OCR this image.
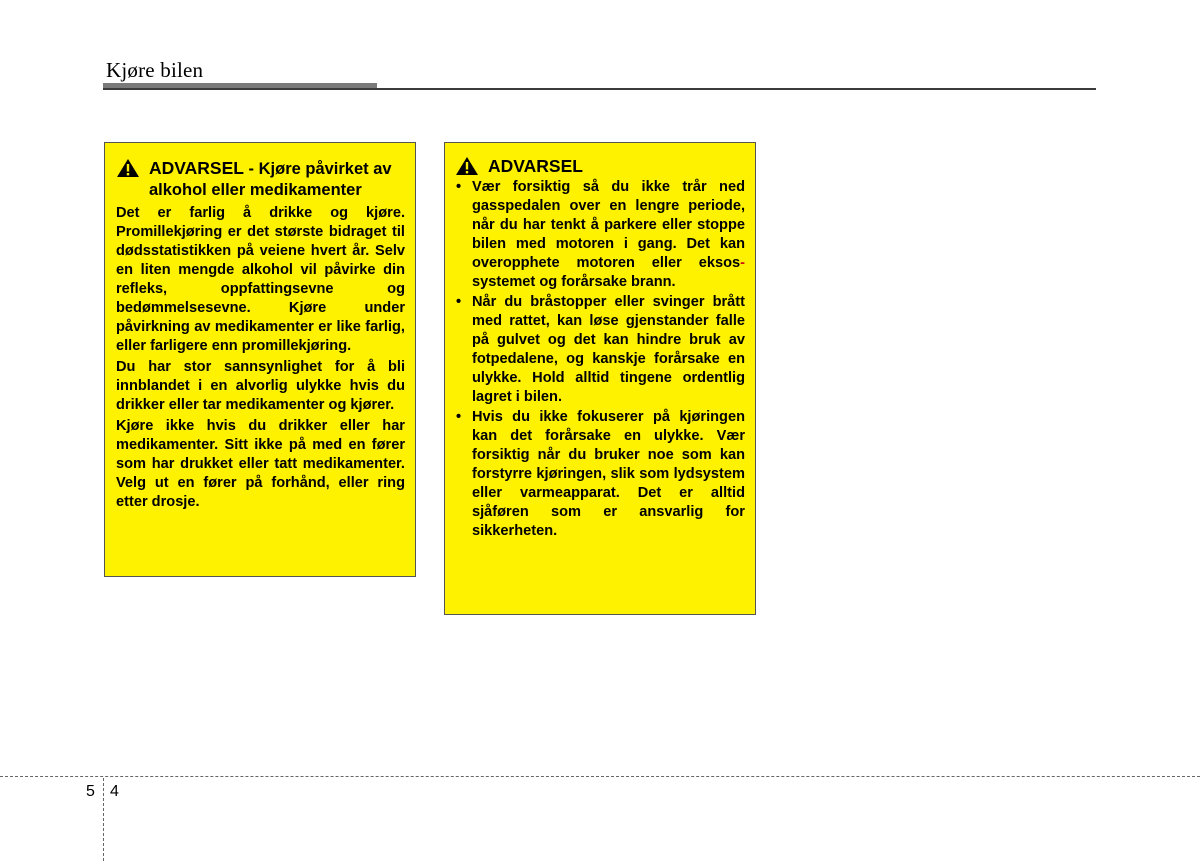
Kjøre bilen
ADVARSEL - Kjøre påvirket av alkohol eller medikamenter

Det er farlig å drikke og kjøre. Promillekjøring er det største bidraget til dødsstatistikken på veiene hvert år. Selv en liten mengde alkohol vil påvirke din refleks, oppfattingsevne og bedømmelsesevne. Kjøre under påvirkning av medikamenter er like farlig, eller farligere enn promillekjøring.

Du har stor sannsynlighet for å bli innblandet i en alvorlig ulykke hvis du drikker eller tar medikamenter og kjører.

Kjøre ikke hvis du drikker eller har medikamenter. Sitt ikke på med en fører som har drukket eller tatt medikamenter. Velg ut en fører på forhånd, eller ring etter drosje.

ADVARSEL
• Vær forsiktig så du ikke trår ned gasspedalen over en lengre periode, når du har tenkt å parkere eller stoppe bilen med motoren i gang. Det kan overopphete motoren eller eksos-systemet og forårsake brann.
• Når du bråstopper eller svinger brått med rattet, kan løse gjenstander falle på gulvet og det kan hindre bruk av fotpedalene, og kanskje forårsake en ulykke. Hold alltid tingene ordentlig lagret i bilen.
• Hvis du ikke fokuserer på kjøringen kan det forårsake en ulykke. Vær forsiktig når du bruker noe som kan forstyrre kjøringen, slik som lydsystem eller varmeapparat. Det er alltid sjåføren som er ansvarlig for sikkerheten.
5 4
